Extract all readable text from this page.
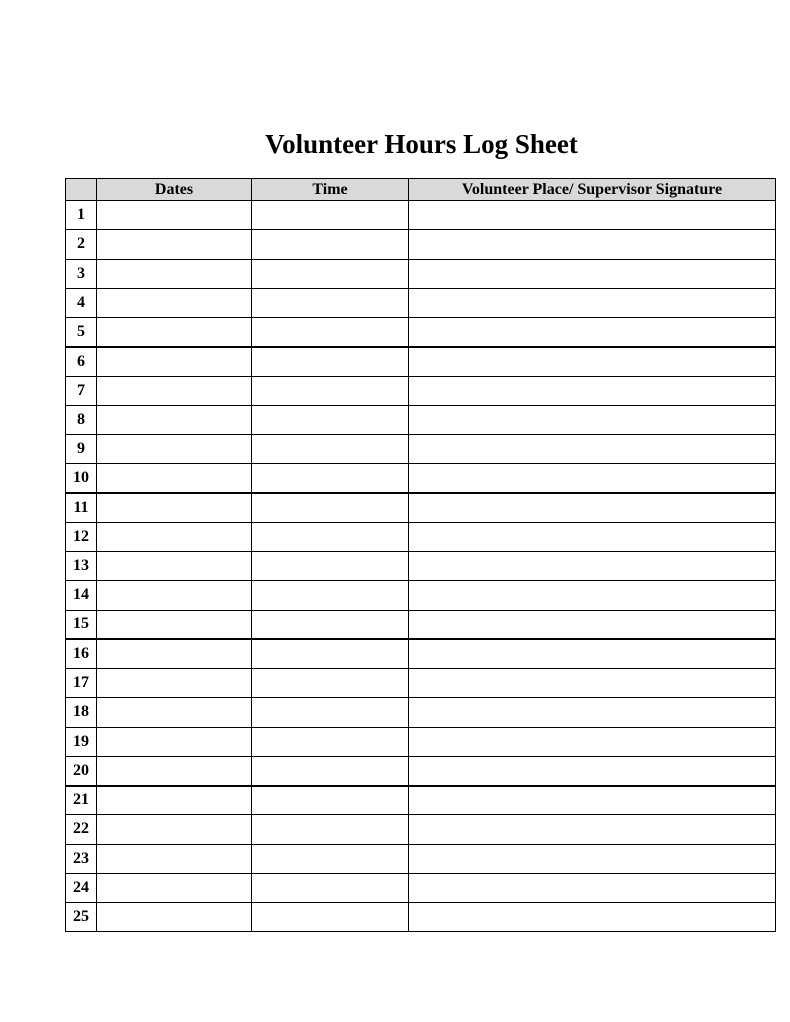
Volunteer Hours Log Sheet
	Dates	Time	Volunteer Place/ Supervisor Signature
1			
2			
3			
4			
5			
6			
7			
8			
9			
10			
11			
12			
13			
14			
15			
16			
17			
18			
19			
20			
21			
22			
23			
24			
25			
